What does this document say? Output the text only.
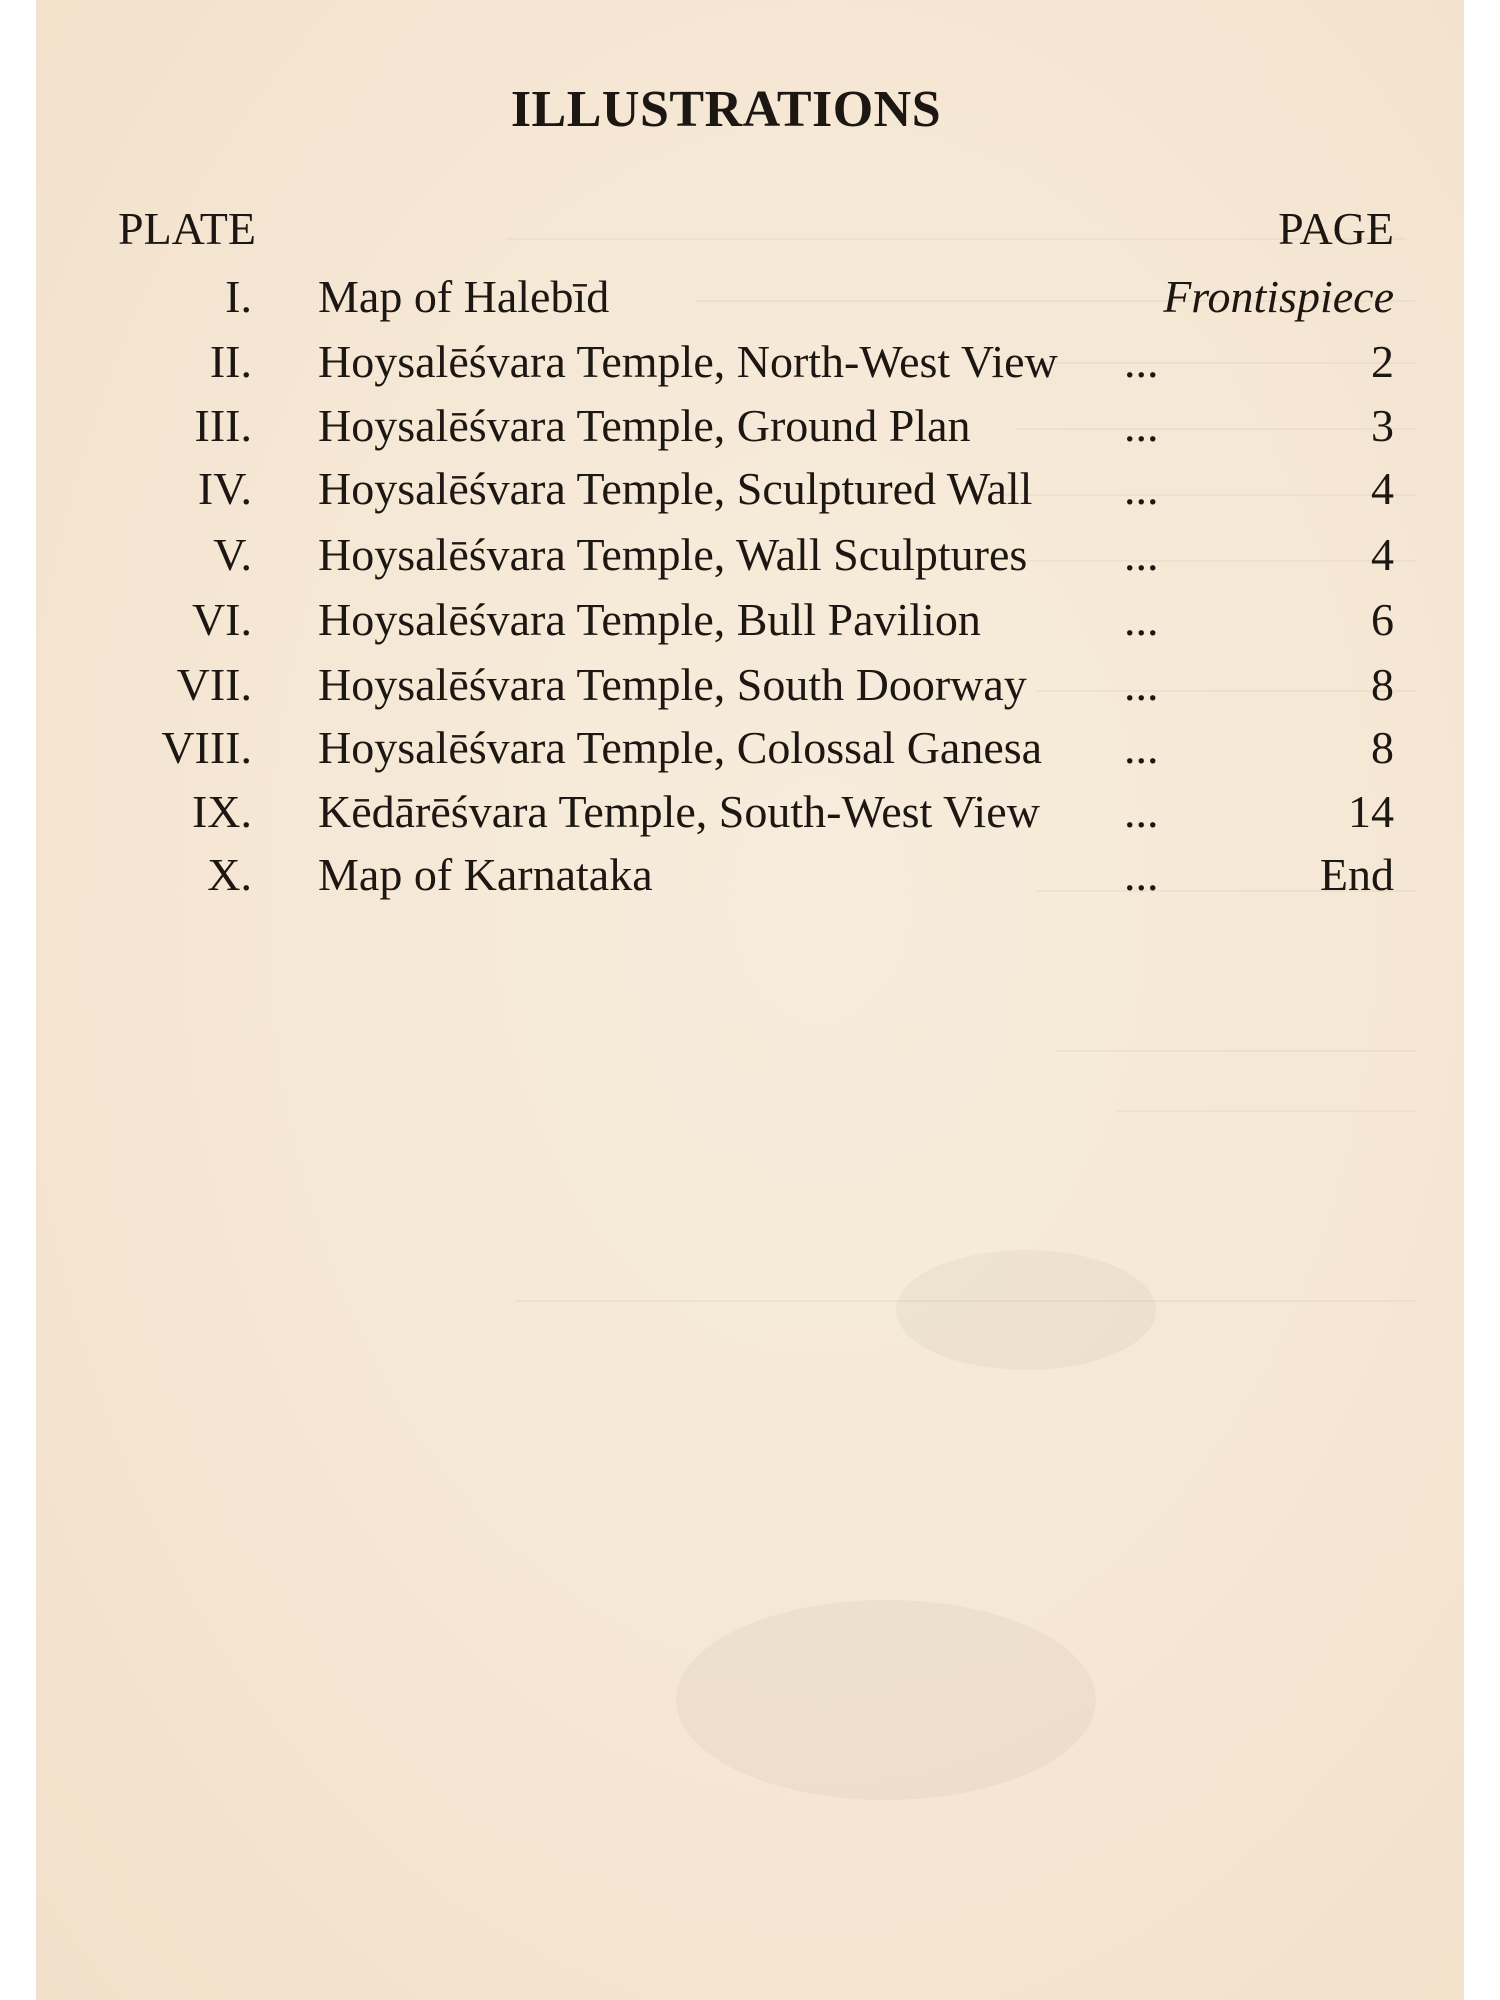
ILLUSTRATIONS
PLATE	PAGE
I. Map of Halebīd	Frontispiece
II. Hoysalēśvara Temple, North-West View ...	2
III. Hoysalēśvara Temple, Ground Plan	...	3
IV. Hoysalēśvara Temple, Sculptured Wall ...	4
V. Hoysalēśvara Temple, Wall Sculptures ...	4
VI. Hoysalēśvara Temple, Bull Pavilion	...	6
VII. Hoysalēśvara Temple, South Doorway ...	8
VIII. Hoysalēśvara Temple, Colossal Ganesa ...	8
IX. Kēdārēśvara Temple, South-West View ...	14
X. Map of Karnataka	...	End
